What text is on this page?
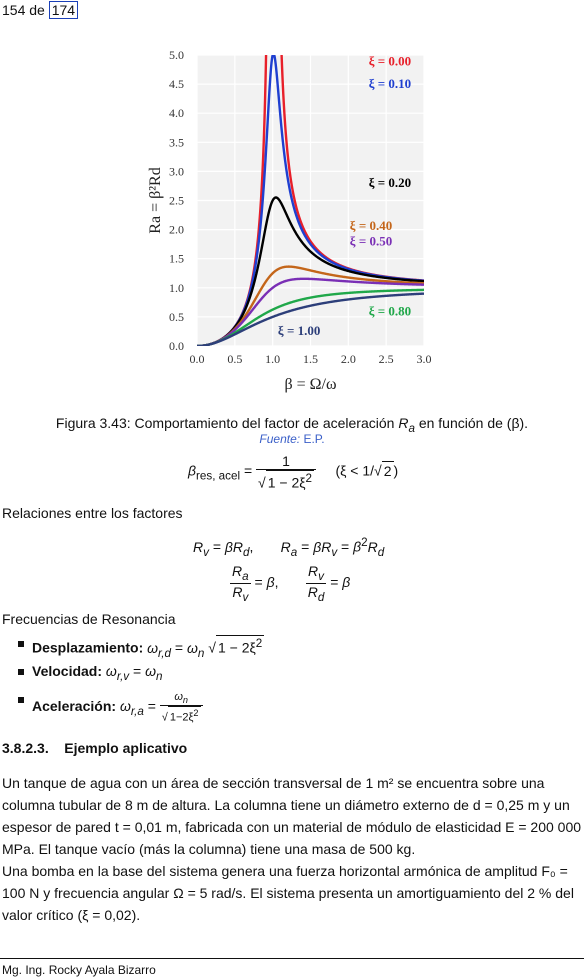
154 de 174
0.0 0.5 1.0 1.5 2.0 2.5 3.0
0.0
0.5
1.0
1.5
2.0
2.5
3.0
3.5
4.0
4.5
5.0
β = Ω/ω
Ra = β²Rd
ξ = 0.00
ξ = 0.10
ξ = 0.20
ξ = 0.40
ξ = 0.50
ξ = 0.80
ξ = 1.00
Figura 3.43: Comportamiento del factor de aceleración $R_a$ en función de (β).
Fuente: E.P.
$\beta_{res, acel} = \frac{1}{√ 1 - 2\xi^2} (\xi < 1/√$ 2 )
Relaciones entre los factores
$R_v = \beta R_d$,       $R_a = \beta R_v = \beta^2R_d$
$\frac{R_a}{R_v} = \beta$, $\frac{R_v}{R_d} = \beta$
Frecuencias de Resonancia
Desplazamiento: $\omega_{r,d} = \omega_n$ √ $1 - 2\xi^2$
Velocidad: $\omega_{r,v} = \omega_n$
Aceleración: $\omega_{r,a} = \frac{\omega_n}{√ 1-2\xi^2}$
3.8.2.3. Ejemplo aplicativo
Un tanque de agua con un área de sección transversal de 1 m² se encuentra sobre una columna tubular de 8 m de altura. La columna tiene un diámetro externo de d = 0,25 m y un espesor de pared t = 0,01 m, fabricada con un material de módulo de elasticidad E = 200 000 MPa. El tanque vacío (más la columna) tiene una masa de 500 kg.
Una bomba en la base del sistema genera una fuerza horizontal armónica de amplitud F₀ = 100 N y frecuencia angular Ω = 5 rad/s. El sistema presenta un amortiguamiento del 2 % del valor crítico (ξ = 0,02).
Mg. Ing. Rocky Ayala Bizarro
